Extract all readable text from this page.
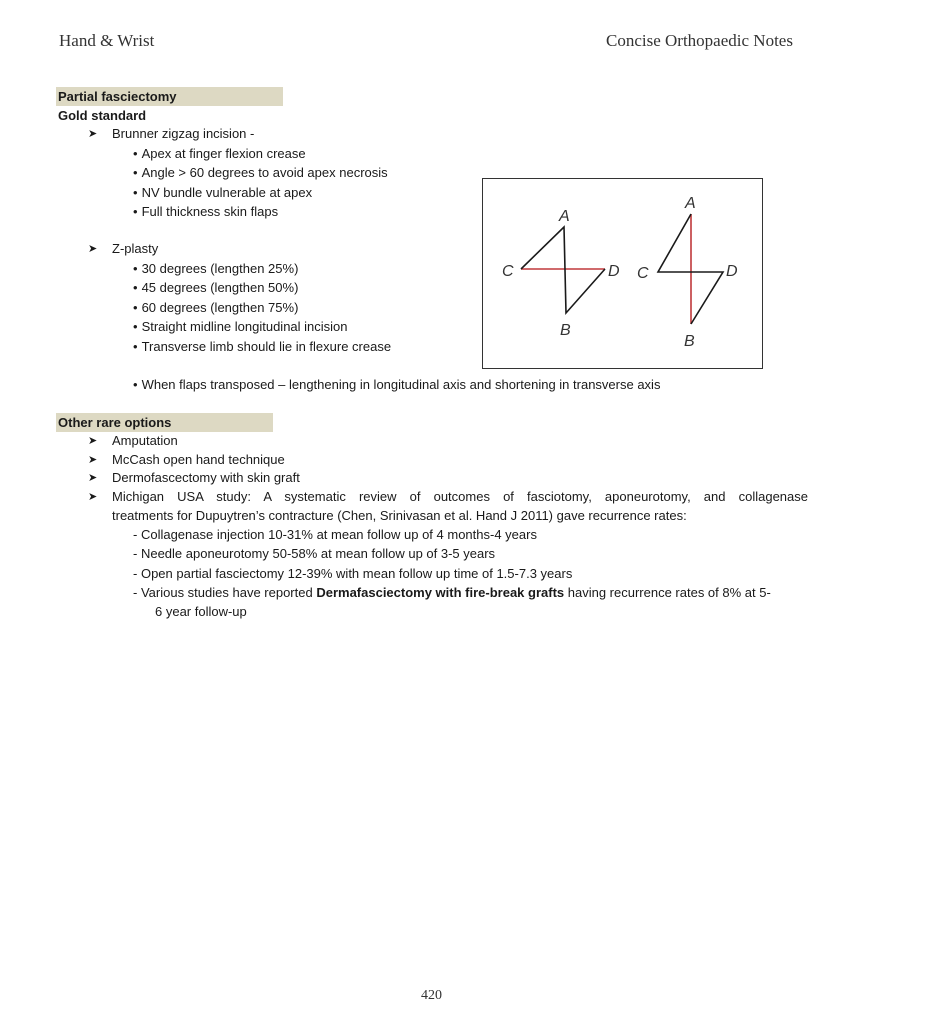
Hand & Wrist	Concise Orthopaedic Notes
Partial fasciectomy
Gold standard
➤ Brunner zigzag incision -
• Apex at finger flexion crease
• Angle > 60 degrees to avoid apex necrosis
• NV bundle vulnerable at apex
• Full thickness skin flaps
➤ Z-plasty
• 30 degrees (lengthen 25%)
• 45 degrees (lengthen 50%)
• 60 degrees (lengthen 75%)
• Straight midline longitudinal incision
• Transverse limb should lie in flexure crease
• When flaps transposed – lengthening in longitudinal axis and shortening in transverse axis
A
B
C	D
A
B
C	D
Other rare options
➤ Amputation
➤ McCash open hand technique
➤ Dermofascectomy with skin graft
➤ Michigan USA study: A systematic review of outcomes of fasciotomy, aponeurotomy, and collagenase
treatments for Dupuytren’s contracture (Chen, Srinivasan et al. Hand J 2011) gave recurrence rates:
- Collagenase injection 10-31% at mean follow up of 4 months-4 years
- Needle aponeurotomy 50-58% at mean follow up of 3-5 years
- Open partial fasciectomy 12-39% with mean follow up time of 1.5-7.3 years
- Various studies have reported Dermafasciectomy with fire-break grafts having recurrence rates of 8% at 5-
6 year follow-up
420
